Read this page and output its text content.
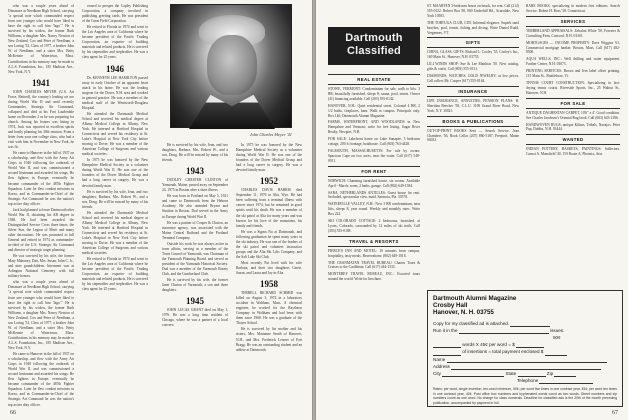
who was a couple years ahead of Dinsmore at Needham High School, carrying "a special note which commanded respect from one younger who would have liked to have the right to call him 'Iago'." He is survived by his widow, the former Ruth Williams, a daughter Mrs. Nancy Newton of New Zealand, Cox and Peter of Needham, a son Loring '52, Class of 1977, a brother John W. of Needham, and a sister Mrs. Betty McKenzie of Watertown, Mass. Contributions in his memory may be made to A.L.S. Foundation, Inc., 185 Madison Ave., New York, N.Y.

1941

JOHN CHARLES MEYER (U.S. Air Force, Retired), the country's leading air ace during World War II and until recently Commander, Strategic Air Command, collapsed and died at his Fort Lauderdale home on December 2 as he was preparing for church. Among his honors was listing in 1974, Jack was reported in excellent spirits and busily planning his 30th reunion. From a letter from your one college class, who had a visit with him in November in New York, he was fit.

He came to Hanover in the fall of 1937 on a scholarship, and flew with the Army Air Corps in 1940 following the outbreak of World War II, and was commissioned a second lieutenant and awarded his wings. He flew fighters in Europe; eventually he became commander of the 487th Fighter Squadron. Later he flew combat missions in Korea, and as Commander-in-Chief of the Strategic Air Command he was the nation's top active duty officer.

Jack had planned to leave Dartmouth after World War II, obtaining his AB degree in 1948. He had been awarded the Distinguished Service Cross three times, the Silver Star, the Legion of Merit and many other decorations. He was promoted to full General and retired in 1974 as commander-in-chief of the U.S. Strategic Air Command and director of strategic target planning.

He was survived by his wife, the former Mary Mahoney, Dan, Mrs. Susan, John C. Jr., and nine grandchildren. Interment was at Arlington National Cemetery with full military honors.

who was a couple years ahead of Dinsmore at Needham High School, carrying "a special note which commanded respect from one younger who would have liked to have the right to call him 'Iago'." He is survived by his widow, the former Ruth Williams, a daughter Mrs. Nancy Newton of New Zealand, Cox and Peter of Needham, a son Loring '52, Class of 1977, a brother John W. of Needham, and a sister Mrs. Betty McKenzie of Watertown, Mass. Contributions in his memory may be made to A.L.S. Foundation, Inc., 185 Madison Ave., New York, N.Y.

He came to Hanover in the fall of 1937 on a scholarship, and flew with the Army Air Corps in 1940 following the outbreak of World War II, and was commissioned a second lieutenant and awarded his wings. He flew fighters in Europe; eventually he became commander of the 487th Fighter Squadron. Later he flew combat missions in Korea, and as Commander-in-Chief of the Strategic Air Command he was the nation's top active duty officer.

ceased to prosper the Copley Publishing Corporation, a company involved in publishing greeting cards. He was president of the Great Field Corporation.

He retired to Florida in 1974 and went to the Los Angeles area of California where he became president of the Pacific Trading Corporation, an exporter of building materials and related products. He is survived by his stepmother and stepbrother. He was a class agent for 25 years.

1946

Dr. KENNETH LEE HAMILTON passed away in early October of an apparent heart attack in his home. He was the leading surgeon for the Dover, N.H. area and worked in general practice. He was a member of the medical staff of the Wentworth-Douglass Hospital.

He attended the Dartmouth Medical School and received his medical degree at Albany Medical College in Albany, New York. He interned at Hartford Hospital in Connecticut and served his residency at St. Luke's Hospital in New York City before moving to Dover. He was a member of the American College of Surgeons and various medical societies.

In 1975 he was honored by the New Hampshire Medical Society as a volunteer during World War II. He was one of the founders of the Dover Medical Group and had a long career in surgery. He was a devoted family man.

He is survived by his wife, Jean, and two daughters, Barbara, Mrs. Robert W., and a son, Doug. He will be missed by many of his friends.

He attended the Dartmouth Medical School and received his medical degree at Albany Medical College in Albany, New York. He interned at Hartford Hospital in Connecticut and served his residency at St. Luke's Hospital in New York City before moving to Dover. He was a member of the American College of Surgeons and various medical societies.

He retired to Florida in 1974 and went to the Los Angeles area of California where he became president of the Pacific Trading Corporation, an exporter of building materials and related products. He is survived by his stepmother and stepbrother. He was a class agent for 25 years.

John Charles Meyer '41

He is survived by his wife, Jean, and two daughters, Barbara, Mrs. Robert W., and a son, Doug. He will be missed by many of his friends.

1943

DUDLEY CHESTER CLINTON of Yarmouth, Maine, passed away on September 24, 1975 in Boston after a short illness.

He was born in Portland on May 5, 1921 and came to Dartmouth from the Hebron Academy. He also attended Bryant and Stratton in Boston. Dud served in the Army in Europe during World War II.

He was a partner of Cooper & Clinton, an insurance agency, was associated with the Maine Central Railroad and the Portland Terminal Company.

Outside his work he was always active in town affairs, serving as a member of the Town Council of Yarmouth, was Chairman of the Yarmouth Planning Board, and served as president of the Yarmouth Historical Society. Dud was a member of the Yarmouth Rotary Club, and the Cumberland Club.

He is survived by his wife, the former Janet Clinton of Yarmouth, a son and three daughters.

1945

JOHN LUCAS GRANT died on May 1, 1976. He was a long time resident of Chicago, where he was a partner of a local concern.

In 1975 he was honored by the New Hampshire Medical Society as a volunteer during World War II. He was one of the founders of the Dover Medical Group and had a long career in surgery. He was a devoted family man.

1952

CHARLES DAVIS HARRIS died September 11, 1976 in Alta, Wyo. He had been suffering from a terminal illness with cancer since 1974, but he remained in good spirits until his death. He was a member of the ski patrol at Alta for many years and was known for his love of the mountains, his family and friends.

He was a Sigma Nu at Dartmouth, and following graduation he spent many years in the ski industry. He was one of the leaders of the ski patrol and volunteer instruction groups and the Alta Ski Lifts Company, and the Salt Lake Ski Club.

Most recently Pat lived with his wife Barbara, and their two daughters Carrie, Susan, and Laura and Jay in Alta.

1958

TERRELL RICHARD SCHMID was killed on August 3, 1974 in a laboratory accident in Waltham, Mass. A chemical engineer, he worked for the Raytheon Company in Waltham and had been with them since 1968. He was a graduate of the Thayer School.

He is survived by his mother and his sisters, Mrs. Marianne Smith of Hanover, N.H., and Mrs. Frederick Leisner of Fort Bragg. He was an outstanding student and an athlete at Dartmouth.

66
Dartmouth
Classified
REAL ESTATE
STOWE, VERMONT: Condominium for sale, walk to lifts. 3 BR, beautifully furnished, sleeps 8; sauna, pool, tennis. Owner (41) financing available. Call (203) 555-0142.
HANOVER, N.H.: Quiet residential street. Colonial 4 BR, 2 1/2 baths, fireplaces, barn. Walk to campus. Principals only. Box 146, Dartmouth Alumni Magazine.
FARMS, WATERFRONT, AND WOODLANDS in New Hampshire and Vermont; write for free listing. Sugar River Realty, Newport, N.H.
FOR SALE: Lakefront home on Lake Sunapee, 5 bedroom cottage, 200 ft frontage, boathouse. Call (603) 763-4428.
FALMOUTH, MASSACHUSETTS: For sale by owner. Spacious Cape on two acres, near the water. Call (617) 548-0911.
FOR RENT
NORWICH: Charming furnished house, six rooms. Available April - March; room, 2 baths, garage. Call (802) 649-1384.
SABA, NETHERLANDS ANTILLES: Guest house for rent. Secluded, spectacular view, maid. Sarasota, Fla. 33578.
WATERVILLE VALLEY, N.H.: New 3 BR condominium, near lifts, sleeps 8, year round. Weekly and monthly rates. Write Box 222.
SKI COLORADO COTTAGE: 2 bedrooms, furnished, at Lyons, Colorado, surrounded by 12 miles of ski trails. Call (303) 555-0188.
TRAVEL & RESORTS
PIERCE'S INN AND MOTEL: 10 minutes from campus, hospitality, tasty meals. Reservations: (802) 649-1018.
THE CRANMATAN TRAVEL BUREAU: Charter Tours & Cruises to the Caribbean. Call (617) 444-1333.
MONTEREY TRAVEL BUREAU, INC.: Escorted tours around the world. Write for brochure.
ST. MAARTEN 3-bedroom house on beach, for rent. Call (212) 555-0122. Robert Box 58, 060 Underhill Rd., Scarsdale, New York 10583.
THE TORTUGA CLUB, LTD. Informal elegance. Superb sand beaches, pool, tennis, fishing and diving. Write Daniel Rudd, Vergennes, VT.
GIFTS
CHINA, GLASS, GIFTS: Richard L. Cooley '55, Cooley's Inc., 160 Main St., Hanover, N.H. 03755.
LILI WINDS SHOP: Sue & Lee Matthias '50. New catalog, gifts & crafts. Call (803) 555-0131.
DIAMONDS, WATCHES, GOLD JEWELRY: at low prices. Call collect Mr. Cooper (617) 555-0164.
INSURANCE
LIFE INSURANCE, ANNUITIES, PENSION PLANS: B. Sheridan Beecher '58, C.L.U. 1100 Grand River Road, New York, N.Y. 10021.
BOOKS & PUBLICATIONS
OUT-OF-PRINT BOOKS Sent — Search Service. Jean Chambers '56, Book Cellar (207) 860-5187. Freeport, Maine 04032.
RARE BOOKS, specializing in modern first editions. Search Service. Robert H. Ross '38. Connecticut.
SERVICES
TIMBERLAND APPRAISALS: Zebulon White '58, Forester & Consulting Firm, Concord, N.H. 03301.
MORTGAGES — INCOME PROPERTY: Dave Wiggins '61, Commercial mortgage banker. Boston, Mass. Call (617) 482-8500.
AQUA WELLS, INC.: Well drilling and water equipment. Further Center, N.H. 03073.
PRINTING SERVICES: Brown and Ives label offset printing. 115 Main St., Brattleboro, Vt.
TENNIS COURT CONSTRUCTION: Specializing in fast-drying tennis courts. Riverside Sports, Inc., 25 Walnut St., Hanover, N.H.
FOR SALE
ANTIQUE DAGHESTAN CARPET, 10'6" x 4'. Good condition. See Charles Jacobsen's Oriental Rug book. Call (603) 643-2186.
HANDWOVEN RUGS: antique Kilims, Tribals, Navajos. Peter Pap, Dublin, N.H. 03444.
WANTED
INDIAN POTTERY, BASKETS, PAINTINGS: Sollectors. Carnot A. Mansfield '40, 150 Route A, Phoenix, Ariz.
Dartmouth Alumni Magazine
Crosby Hall
Hanover, N. H. 03755
Copy for my classified ad is attached.
Run it in the	issues.
50¢
words X 45¢ per word = $
of insertions = total payment enclosed $
Name
Address
City	State	Zip
Telephone
Rates: per word, single insertion, ten-word minimum, 50¢; per word five times in one contract year, 45¢; per word ten times in one contract year, 40¢. Post office box numbers and hyphenated words count as two words. Street numbers and zip numbers count as one word. No charge for class numerals. Deadline for classified ads is the 20th of the month preceding publication, accompanied by payment in full.
67
